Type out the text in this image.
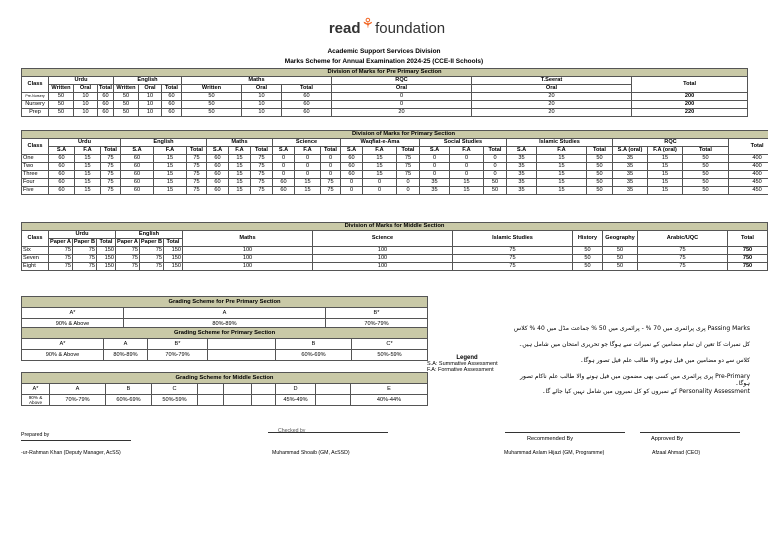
read⚘foundation
Academic Support Services Division
Marks Scheme for Annual Examination 2024-25 (CCE-II Schools)
Division of Marks for Pre Primary Section												
Class	Urdu			English			Maths			RQC	T.Seerat	Total
	Written	Oral	Total	Written	Oral	Total	Written	Oral	Total	Oral	Oral	
Pre-Nursery	50	10	60	50	10	60	50	10	60	0	20	200
Nursery	50	10	60	50	10	60	50	10	60	0	20	200
Prep	50	10	60	50	10	60	50	10	60	20	20	220
Division of Marks for Primary Section																									
Class	Urdu			English			Maths			Science			Waqfiat-e-Ama			Social Studies			Islamic Studies			RQC			Total
	S.A	F.A	Total	S.A	F.A	Total	S.A	F.A	Total	S.A	F.A	Total	S.A	F.A	Total	S.A	F.A	Total	S.A	F.A	Total	S.A (oral)	F.A (oral)	Total	
One	60	15	75	60	15	75	60	15	75	0	0	0	60	15	75	0	0	0	35	15	50	35	15	50	400
Two	60	15	75	60	15	75	60	15	75	0	0	0	60	15	75	0	0	0	35	15	50	35	15	50	400
Three	60	15	75	60	15	75	60	15	75	0	0	0	60	15	75	0	0	0	35	15	50	35	15	50	400
Four	60	15	75	60	15	75	60	15	75	60	15	75	0	0	0	35	15	50	35	15	50	35	15	50	450
Five	60	15	75	60	15	75	60	15	75	60	15	75	0	0	0	35	15	50	35	15	50	35	15	50	450
Division of Marks for Middle Section													
Class	Urdu			English			Maths	Science	Islamic Studies	History	Geography	Arabic/UQC	Total
	Paper A	Paper B	Total	Paper A	Paper B	Total							
Six	75	75	150	75	75	150	100	100	75	50	50	75	750
Seven	75	75	150	75	75	150	100	100	75	50	50	75	750
Eight	75	75	150	75	75	150	100	100	75	50	50	75	750
Grading Scheme for Pre Primary Section		
A*	A	B*
90% & Above	80%-89%	70%-79%
Grading Scheme for Primary Section					
A*	A	B*		B	C*
90% & Above	80%-89%	70%-79%		60%-69%	50%-59%
Grading Scheme for Middle Section									
A*	A	B	C				D		E
90% & Above	70%-79%	60%-69%	50%-59%				45%-49%		40%-44%
Legend
S.A: Summative Assessment
F.A: Formative Assessment
Passing Marks پری پرائمری میں 70 % - پرائمری میں 50 % جماعت مڈل میں 40 % کلاس
کل نمبرات کا تعین ان تمام مضامین کے نمبرات سے ہوگا جو تحریری امتحان میں شامل ہیں۔
کلاس سے دو مضامین میں فیل ہونے والا طالب علم فیل تصور ہوگا۔
Pre-Primary پری پرائمری میں کسی بھی مضمون میں فیل ہونے والا طالب علم ناکام تصور ہوگا۔
Personality Assessment کے نمبروں کو کل نمبروں میں شامل نہیں کیا جائے گا۔
Prepared by
-ur-Rahman Khan (Deputy Manager, AcSS)
Checked by
Muhammad Shoaib (GM, AcSSD)
Recommended By
Muhammad Aslam Hijazi (GM, Programme)
Approved By
Afzaal Ahmad (CEO)
